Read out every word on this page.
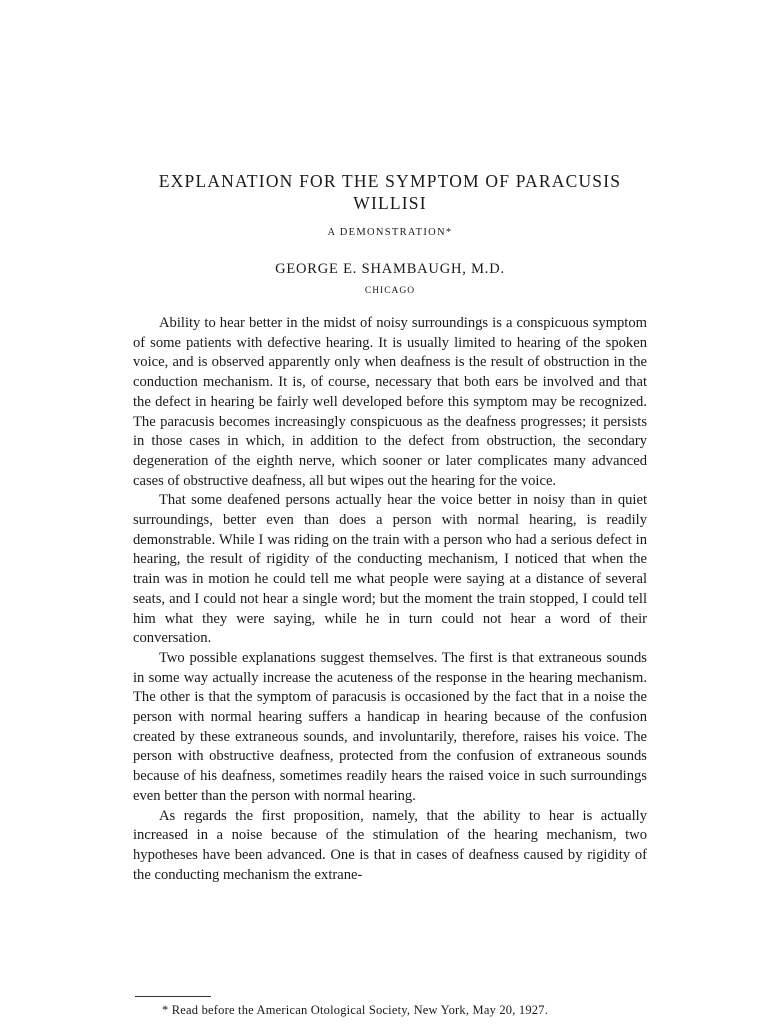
EXPLANATION FOR THE SYMPTOM OF PARACUSIS
WILLISI
A DEMONSTRATION*
GEORGE E. SHAMBAUGH, M.D.
CHICAGO

Ability to hear better in the midst of noisy surroundings is a conspicuous symptom of some patients with defective hearing. It is usually limited to hearing of the spoken voice, and is observed apparently only when deafness is the result of obstruction in the conduction mechanism. It is, of course, necessary that both ears be involved and that the defect in hearing be fairly well developed before this symptom may be recognized. The paracusis becomes increasingly conspicuous as the deafness progresses; it persists in those cases in which, in addition to the defect from obstruction, the secondary degeneration of the eighth nerve, which sooner or later complicates many advanced cases of obstructive deafness, all but wipes out the hearing for the voice.

That some deafened persons actually hear the voice better in noisy than in quiet surroundings, better even than does a person with normal hearing, is readily demonstrable. While I was riding on the train with a person who had a serious defect in hearing, the result of rigidity of the conducting mechanism, I noticed that when the train was in motion he could tell me what people were saying at a distance of several seats, and I could not hear a single word; but the moment the train stopped, I could tell him what they were saying, while he in turn could not hear a word of their conversation.

Two possible explanations suggest themselves. The first is that extraneous sounds in some way actually increase the acuteness of the response in the hearing mechanism. The other is that the symptom of paracusis is occasioned by the fact that in a noise the person with normal hearing suffers a handicap in hearing because of the confusion created by these extraneous sounds, and involuntarily, therefore, raises his voice. The person with obstructive deafness, protected from the confusion of extraneous sounds because of his deafness, sometimes readily hears the raised voice in such surroundings even better than the person with normal hearing.

As regards the first proposition, namely, that the ability to hear is actually increased in a noise because of the stimulation of the hearing mechanism, two hypotheses have been advanced. One is that in cases of deafness caused by rigidity of the conducting mechanism the extrane-

* Read before the American Otological Society, New York, May 20, 1927.
